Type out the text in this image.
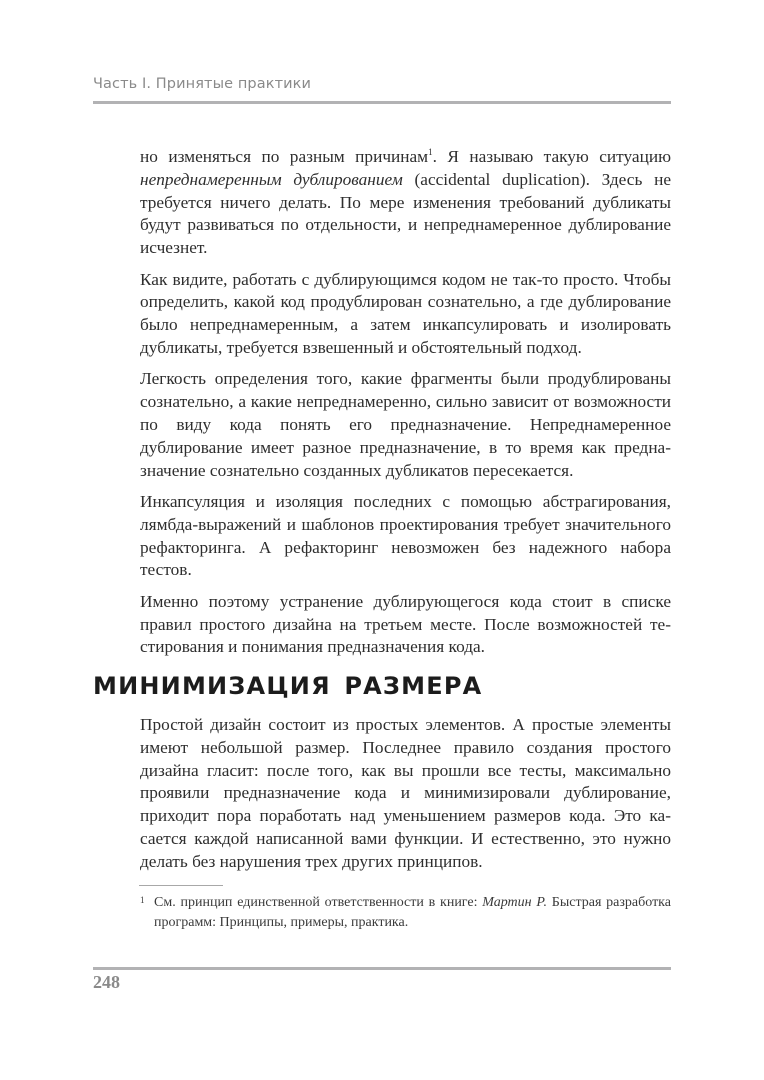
Часть I. Принятые практики

но изменяться по разным причинам$^1$. Я называю такую ситуацию непреднамеренным дублированием (accidental duplication). Здесь не требуется ничего делать. По мере изменения требований дубликаты будут развиваться по отдельности, и непреднамеренное дублирование исчезнет.

Как видите, работать с дублирующимся кодом не так-то просто. Чтобы определить, какой код продублирован сознательно, а где дублирование было непреднамеренным, а затем инкапсулировать и изолировать дубликаты, требуется взвешенный и обстоятельный подход.

Легкость определения того, какие фрагменты были продублированы сознательно, а какие непреднамеренно, сильно зависит от возможности по виду кода понять его предназначение. Непреднамеренное дублирование имеет разное предназначение, в то время как предназначение сознательно созданных дубликатов пересекается.

Инкапсуляция и изоляция последних с помощью абстрагирования, лямбда-выражений и шаблонов проектирования требует значительного рефакторинга. А рефакторинг невозможен без надежного набора тестов.

Именно поэтому устранение дублирующегося кода стоит в списке правил простого дизайна на третьем месте. После возможностей тестирования и понимания предназначения кода.

МИНИМИЗАЦИЯ РАЗМЕРА

Простой дизайн состоит из простых элементов. А простые элементы имеют небольшой размер. Последнее правило создания простого дизайна гласит: после того, как вы прошли все тесты, максимально проявили предназначение кода и минимизировали дублирование, приходит пора поработать над уменьшением размеров кода. Это касается каждой написанной вами функции. И естественно, это нужно делать без нарушения трех других принципов.

1 См. принцип единственной ответственности в книге: Мартин Р. Быстрая разработка программ: Принципы, примеры, практика.
248
